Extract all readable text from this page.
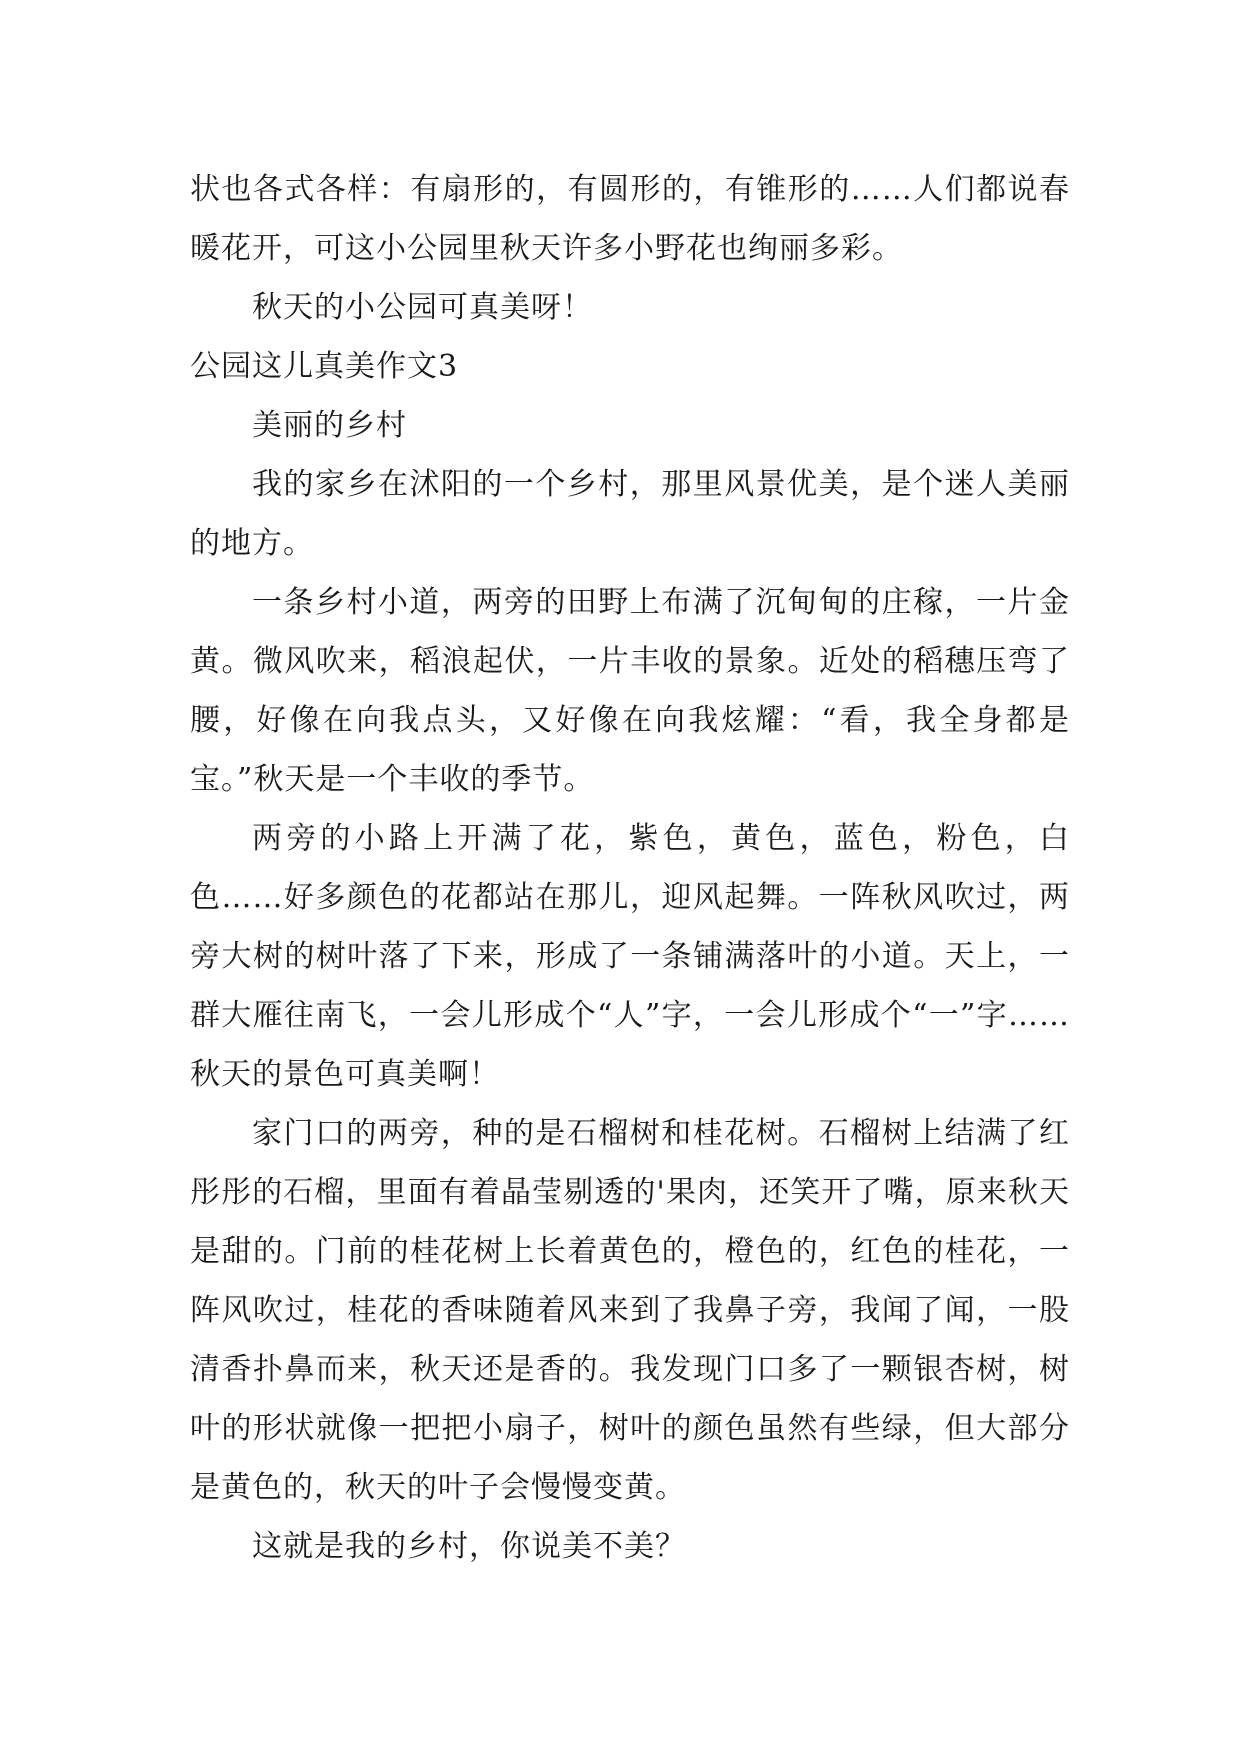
状也各式各样：有扇形的，有圆形的，有锥形的……人们都说春暖花开，可这小公园里秋天许多小野花也绚丽多彩。

秋天的小公园可真美呀！

公园这儿真美作文3

美丽的乡村

我的家乡在沭阳的一个乡村，那里风景优美，是个迷人美丽的地方。

一条乡村小道，两旁的田野上布满了沉甸甸的庄稼，一片金黄。微风吹来，稻浪起伏，一片丰收的景象。近处的稻穗压弯了腰，好像在向我点头，又好像在向我炫耀：“看，我全身都是宝。”秋天是一个丰收的季节。

两旁的小路上开满了花，紫色，黄色，蓝色，粉色，白色……好多颜色的花都站在那儿，迎风起舞。一阵秋风吹过，两旁大树的树叶落了下来，形成了一条铺满落叶的小道。天上，一群大雁往南飞，一会儿形成个“人”字，一会儿形成个“一”字……秋天的景色可真美啊！

家门口的两旁，种的是石榴树和桂花树。石榴树上结满了红彤彤的石榴，里面有着晶莹剔透的'果肉，还笑开了嘴，原来秋天是甜的。门前的桂花树上长着黄色的，橙色的，红色的桂花，一阵风吹过，桂花的香味随着风来到了我鼻子旁，我闻了闻，一股清香扑鼻而来，秋天还是香的。我发现门口多了一颗银杏树，树叶的形状就像一把把小扇子，树叶的颜色虽然有些绿，但大部分是黄色的，秋天的叶子会慢慢变黄。

这就是我的乡村，你说美不美？
